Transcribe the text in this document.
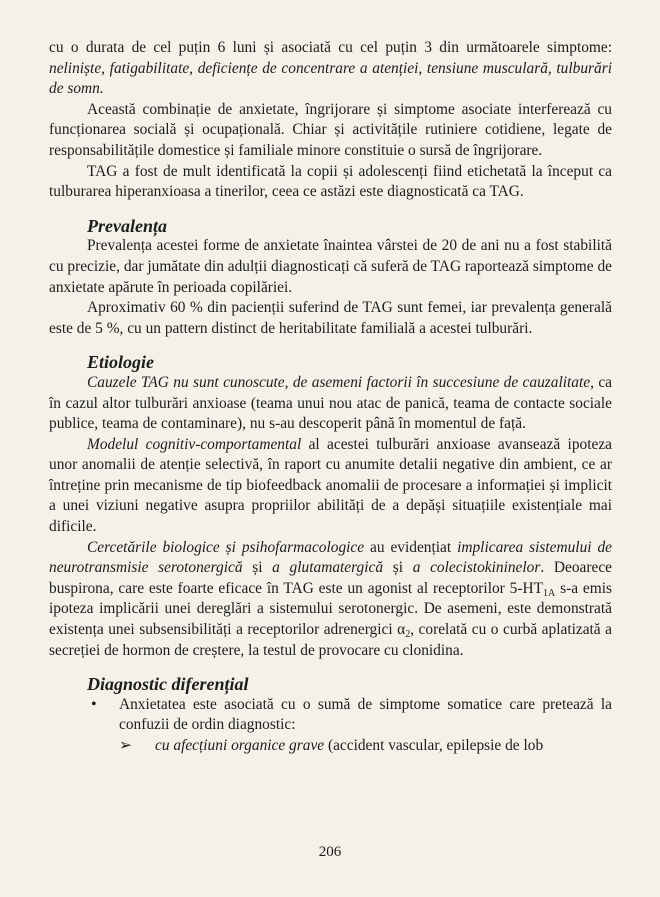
cu o durata de cel puțin 6 luni și asociată cu cel puțin 3 din următoarele simptome: neliniște, fatigabilitate, deficiențe de concentrare a atenției, tensiune musculară, tulburări de somn.

Această combinație de anxietate, îngrijorare și simptome asociate interferează cu funcționarea socială și ocupațională. Chiar și activitățile rutiniere cotidiene, legate de responsabilitățile domestice și familiale minore constituie o sursă de îngrijorare.

TAG a fost de mult identificată la copii și adolescenți fiind etichetată la început ca tulburarea hiperanxioasa a tinerilor, ceea ce astăzi este diagnosticată ca TAG.

Prevalența

Prevalența acestei forme de anxietate înaintea vârstei de 20 de ani nu a fost stabilită cu precizie, dar jumătate din adulții diagnosticați că suferă de TAG raportează simptome de anxietate apărute în perioada copilăriei.

Aproximativ 60 % din pacienții suferind de TAG sunt femei, iar prevalența generală este de 5 %, cu un pattern distinct de heritabilitate familială a acestei tulburări.

Etiologie

Cauzele TAG nu sunt cunoscute, de asemeni factorii în succesiune de cauzalitate, ca în cazul altor tulburări anxioase (teama unui nou atac de panică, teama de contacte sociale publice, teama de contaminare), nu s-au descoperit până în momentul de față.

Modelul cognitiv-comportamental al acestei tulburări anxioase avansează ipoteza unor anomalii de atenție selectivă, în raport cu anumite detalii negative din ambient, ce ar întreține prin mecanisme de tip biofeedback anomalii de procesare a informației și implicit a unei viziuni negative asupra propriilor abilități de a depăși situațiile existențiale mai dificile.

Cercetările biologice și psihofarmacologice au evidențiat implicarea sistemului de neurotransmisie serotonergică și a glutamatergică și a colecistokininelor. Deoarece buspirona, care este foarte eficace în TAG este un agonist al receptorilor $5-HT_{1A}$ s-a emis ipoteza implicării unei dereglări a sistemului serotonergic. De asemeni, este demonstrată existența unei subsensibilități a receptorilor adrenergici $\alpha_2$, corelată cu o curbă aplatizată a secreției de hormon de creștere, la testul de provocare cu clonidina.

Diagnostic diferențial
• Anxietatea este asociată cu o sumă de simptome somatice care pretează la confuzii de ordin diagnostic:
➢ cu afecțiuni organice grave (accident vascular, epilepsie de lob
206
